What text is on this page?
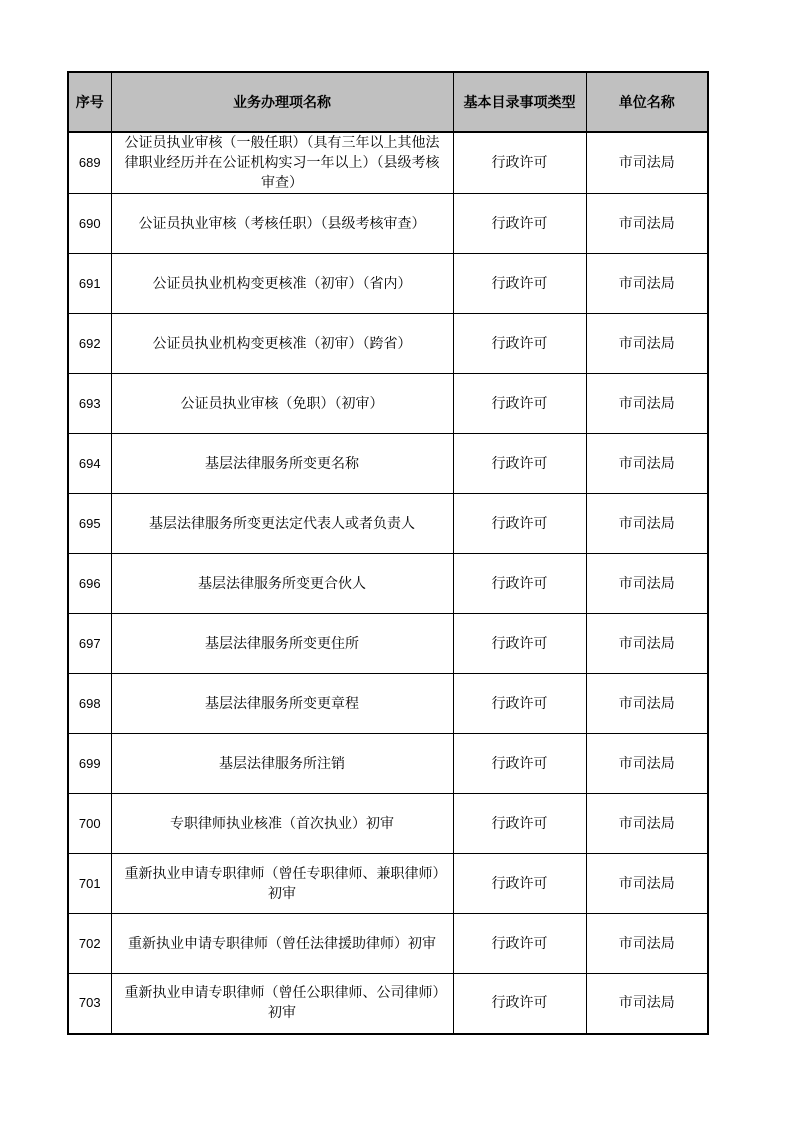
序号	业务办理项名称	基本目录事项类型	单位名称
689	公证员执业审核（一般任职）（具有三年以上其他法律职业经历并在公证机构实习一年以上）（县级考核审查）	行政许可	市司法局
690	公证员执业审核（考核任职）（县级考核审查）	行政许可	市司法局
691	公证员执业机构变更核准（初审）（省内）	行政许可	市司法局
692	公证员执业机构变更核准（初审）（跨省）	行政许可	市司法局
693	公证员执业审核（免职）（初审）	行政许可	市司法局
694	基层法律服务所变更名称	行政许可	市司法局
695	基层法律服务所变更法定代表人或者负责人	行政许可	市司法局
696	基层法律服务所变更合伙人	行政许可	市司法局
697	基层法律服务所变更住所	行政许可	市司法局
698	基层法律服务所变更章程	行政许可	市司法局
699	基层法律服务所注销	行政许可	市司法局
700	专职律师执业核准（首次执业）初审	行政许可	市司法局
701	重新执业申请专职律师（曾任专职律师、兼职律师）初审	行政许可	市司法局
702	重新执业申请专职律师（曾任法律援助律师）初审	行政许可	市司法局
703	重新执业申请专职律师（曾任公职律师、公司律师）初审	行政许可	市司法局
